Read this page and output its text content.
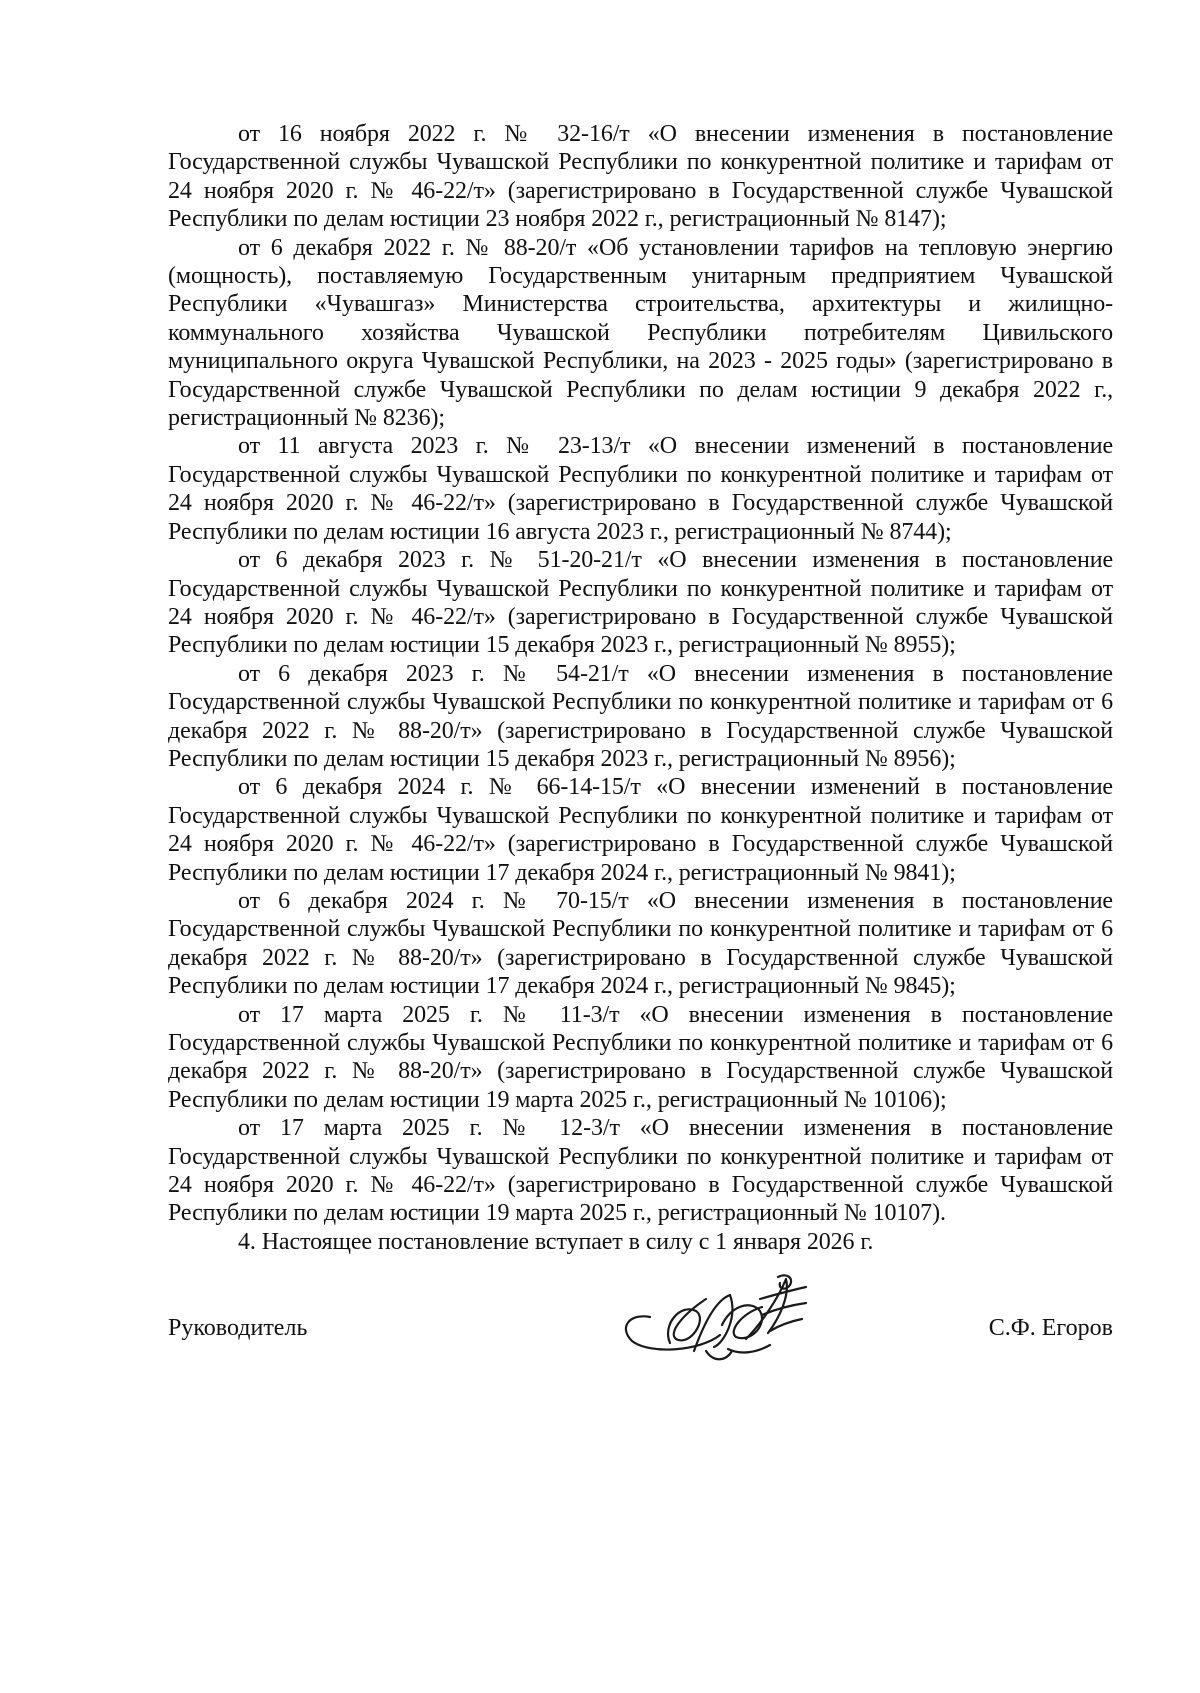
от 16 ноября 2022 г. № 32-16/т «О внесении изменения в постановление Государственной службы Чувашской Республики по конкурентной политике и тарифам от 24 ноября 2020 г. № 46-22/т» (зарегистрировано в Государственной службе Чувашской Республики по делам юстиции 23 ноября 2022 г., регистрационный № 8147);

от 6 декабря 2022 г. № 88-20/т «Об установлении тарифов на тепловую энергию (мощность), поставляемую Государственным унитарным предприятием Чувашской Республики «Чувашгаз» Министерства строительства, архитектуры и жилищно-коммунального хозяйства Чувашской Республики потребителям Цивильского муниципального округа Чувашской Республики, на 2023 - 2025 годы» (зарегистрировано в Государственной службе Чувашской Республики по делам юстиции 9 декабря 2022 г., регистрационный № 8236);

от 11 августа 2023 г. № 23-13/т «О внесении изменений в постановление Государственной службы Чувашской Республики по конкурентной политике и тарифам от 24 ноября 2020 г. № 46-22/т» (зарегистрировано в Государственной службе Чувашской Республики по делам юстиции 16 августа 2023 г., регистрационный № 8744);

от 6 декабря 2023 г. № 51-20-21/т «О внесении изменения в постановление Государственной службы Чувашской Республики по конкурентной политике и тарифам от 24 ноября 2020 г. № 46-22/т» (зарегистрировано в Государственной службе Чувашской Республики по делам юстиции 15 декабря 2023 г., регистрационный № 8955);

от 6 декабря 2023 г. № 54-21/т «О внесении изменения в постановление Государственной службы Чувашской Республики по конкурентной политике и тарифам от 6 декабря 2022 г. № 88-20/т» (зарегистрировано в Государственной службе Чувашской Республики по делам юстиции 15 декабря 2023 г., регистрационный № 8956);

от 6 декабря 2024 г. № 66-14-15/т «О внесении изменений в постановление Государственной службы Чувашской Республики по конкурентной политике и тарифам от 24 ноября 2020 г. № 46-22/т» (зарегистрировано в Государственной службе Чувашской Республики по делам юстиции 17 декабря 2024 г., регистрационный № 9841);

от 6 декабря 2024 г. № 70-15/т «О внесении изменения в постановление Государственной службы Чувашской Республики по конкурентной политике и тарифам от 6 декабря 2022 г. № 88-20/т» (зарегистрировано в Государственной службе Чувашской Республики по делам юстиции 17 декабря 2024 г., регистрационный № 9845);

от 17 марта 2025 г. № 11-3/т «О внесении изменения в постановление Государственной службы Чувашской Республики по конкурентной политике и тарифам от 6 декабря 2022 г. № 88-20/т» (зарегистрировано в Государственной службе Чувашской Республики по делам юстиции 19 марта 2025 г., регистрационный № 10106);

от 17 марта 2025 г. № 12-3/т «О внесении изменения в постановление Государственной службы Чувашской Республики по конкурентной политике и тарифам от 24 ноября 2020 г. № 46-22/т» (зарегистрировано в Государственной службе Чувашской Республики по делам юстиции 19 марта 2025 г., регистрационный № 10107).

4. Настоящее постановление вступает в силу с 1 января 2026 г.

Руководитель	С.Ф. Егоров
